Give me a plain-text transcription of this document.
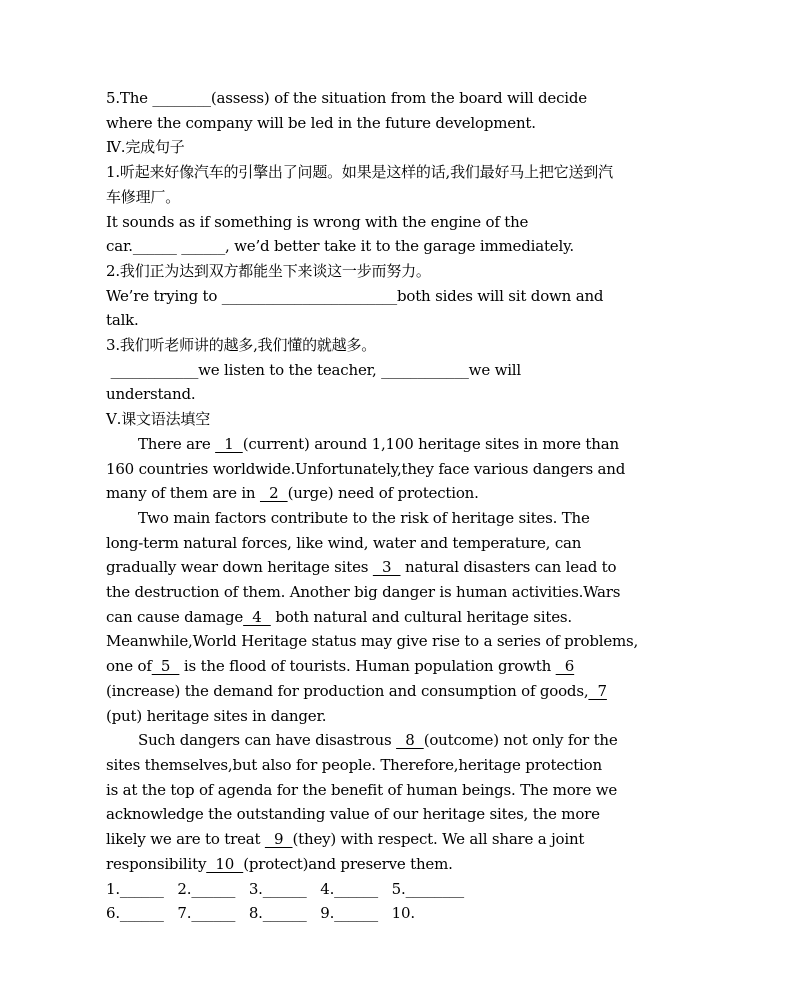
5.The ________(assess) of the situation from the board will decide
where the company will be led in the future development.
Ⅳ.完成句子
1.听起来好像汽车的引擎出了问题。如果是这样的话,我们最好马上把它送到汽
车修理厂。
It sounds as if something is wrong with the engine of the
car.______ ______, we’d better take it to the garage immediately.
2.我们正为达到双方都能坐下来谈这一步而努力。
We’re trying to ________________________both sides will sit down and
talk.
3.我们听老师讲的越多,我们懂的就越多。
____________we listen to the teacher, ____________we will
understand.
Ⅴ.课文语法填空
There are   1  (current) around 1,100 heritage sites in more than
160 countries worldwide.Unfortunately,they face various dangers and
many of them are in   2  (urge) need of protection.
Two main factors contribute to the risk of heritage sites. The
long-term natural forces, like wind, water and temperature, can
gradually wear down heritage sites   3   natural disasters can lead to
the destruction of them. Another big danger is human activities.Wars
can cause damage  4   both natural and cultural heritage sites.
Meanwhile,World Heritage status may give rise to a series of problems,
one of  5   is the flood of tourists. Human population growth   6
(increase) the demand for production and consumption of goods,  7
(put) heritage sites in danger.
Such dangers can have disastrous   8  (outcome) not only for the
sites themselves,but also for people. Therefore,heritage protection
is at the top of agenda for the benefit of human beings. The more we
acknowledge the outstanding value of our heritage sites, the more
likely we are to treat   9  (they) with respect. We all share a joint
responsibility  10  (protect)and preserve them.
1.______   2.______   3.______   4.______   5.________
6.______   7.______   8.______   9.______   10.
